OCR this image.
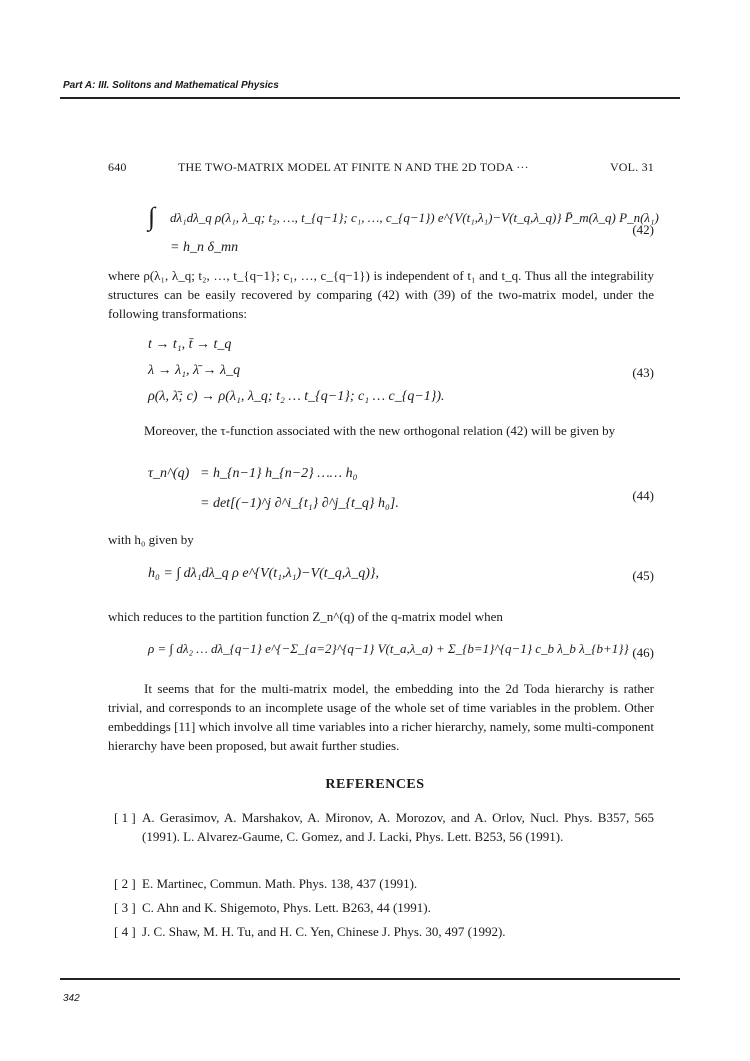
Part A: III. Solitons and Mathematical Physics
640	THE TWO-MATRIX MODEL AT FINITE N AND THE 2D TODA ···	VOL. 31
∫ dλ₁dλ_q ρ(λ₁, λ_q; t₂, …, t_{q−1}; c₁, …, c_{q−1}) e^{V(t₁,λ₁)−V(t_q,λ_q)} P̄_m(λ_q) P_n(λ₁)
= h_n δ_mn
(42)
where ρ(λ₁, λ_q; t₂, …, t_{q−1}; c₁, …, c_{q−1}) is independent of t₁ and t_q. Thus all the integrability structures can be easily recovered by comparing (42) with (39) of the two-matrix model, under the following transformations:
t → t₁, t̄ → t_q
λ → λ₁, λ̄ → λ_q
ρ(λ, λ̄; c) → ρ(λ₁, λ_q; t₂ … t_{q−1}; c₁ … c_{q−1}).
(43)
Moreover, the τ-function associated with the new orthogonal relation (42) will be given by
τ_n^(q) = h_{n−1} h_{n−2} …… h₀
= det[(−1)^j ∂^i_{t₁} ∂^j_{t_q} h₀].
(44)
with h₀ given by
h₀ = ∫ dλ₁dλ_q ρ e^{V(t₁,λ₁)−V(t_q,λ_q)},	(45)
which reduces to the partition function Z_n^(q) of the q-matrix model when
ρ = ∫ dλ₂ … dλ_{q−1} e^{−Σ_{a=2}^{q−1} V(t_a,λ_a) + Σ_{b=1}^{q−1} c_b λ_b λ_{b+1}} (46)
It seems that for the multi-matrix model, the embedding into the 2d Toda hierarchy is rather trivial, and corresponds to an incomplete usage of the whole set of time variables in the problem. Other embeddings [11] which involve all time variables into a richer hierarchy, namely, some multi-component hierarchy have been proposed, but await further studies.
REFERENCES
[ 1 ] A. Gerasimov, A. Marshakov, A. Mironov, A. Morozov, and A. Orlov, Nucl. Phys. B357, 565 (1991). L. Alvarez-Gaume, C. Gomez, and J. Lacki, Phys. Lett. B253, 56 (1991).
[ 2 ] E. Martinec, Commun. Math. Phys. 138, 437 (1991).
[ 3 ] C. Ahn and K. Shigemoto, Phys. Lett. B263, 44 (1991).
[ 4 ] J. C. Shaw, M. H. Tu, and H. C. Yen, Chinese J. Phys. 30, 497 (1992).
342
